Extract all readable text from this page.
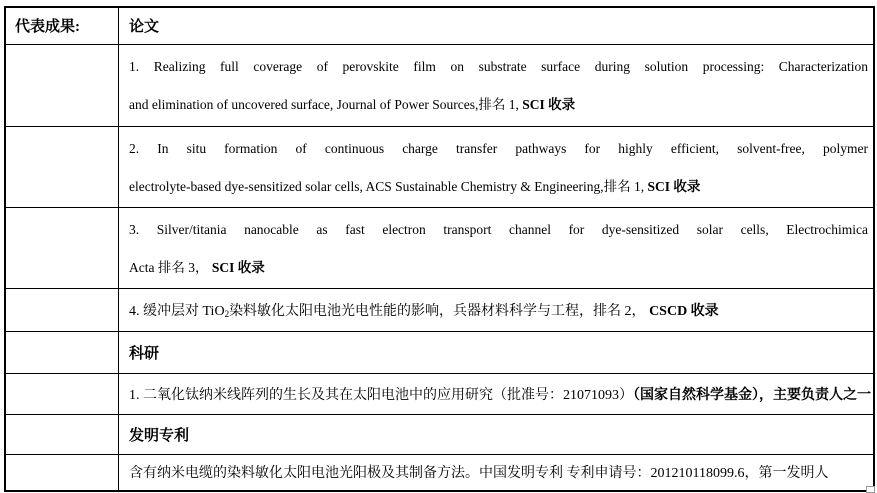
代表成果:	论文

	1. Realizing full coverage of perovskite film on substrate surface during solution processing: Characterization
and elimination of uncovered surface, Journal of Power Sources,排名 1, SCI 收录

	2. In situ formation of continuous charge transfer pathways for highly efficient, solvent-free, polymer
electrolyte-based dye-sensitized solar cells, ACS Sustainable Chemistry & Engineering,排名 1, SCI 收录

	3. Silver/titania nanocable as fast electron transport channel for dye-sensitized solar cells, Electrochimica
Acta 排名 3， SCI 收录

	4. 缓冲层对 TiO$_2$染料敏化太阳电池光电性能的影响，兵器材料科学与工程，排名 2， CSCD 收录

	科研

	1. 二氧化钛纳米线阵列的生长及其在太阳电池中的应用研究（批准号：21071093）（国家自然科学基金），主要负责人之一

	发明专利

	含有纳米电缆的染料敏化太阳电池光阳极及其制备方法。中国发明专利 专利申请号：201210118099.6，第一发明人
